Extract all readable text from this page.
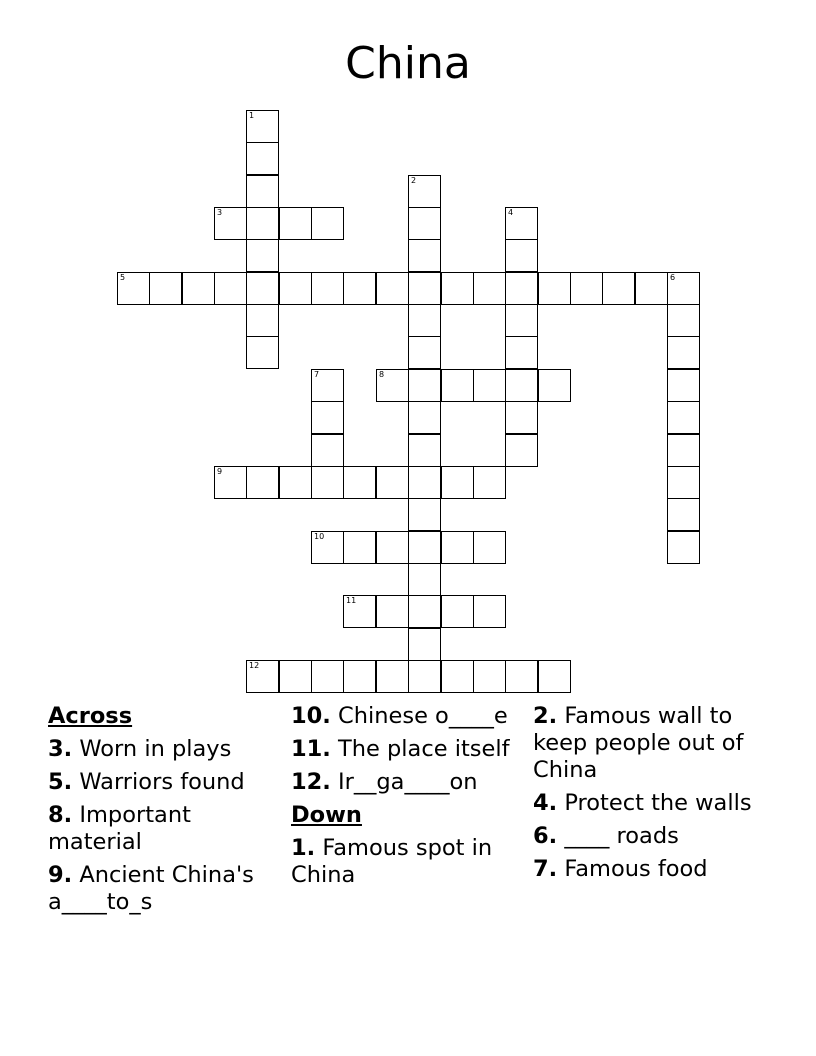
China
1
2
3	4
5	6
7	8
9
10
11
12
Across
3. Worn in plays
5. Warriors found
8. Important material
9. Ancient China's a____to_s
10. Chinese o____e
11. The place itself
12. Ir__ga____on
Down
1. Famous spot in China
2. Famous wall to keep people out of China
4. Protect the walls
6. ____ roads
7. Famous food
